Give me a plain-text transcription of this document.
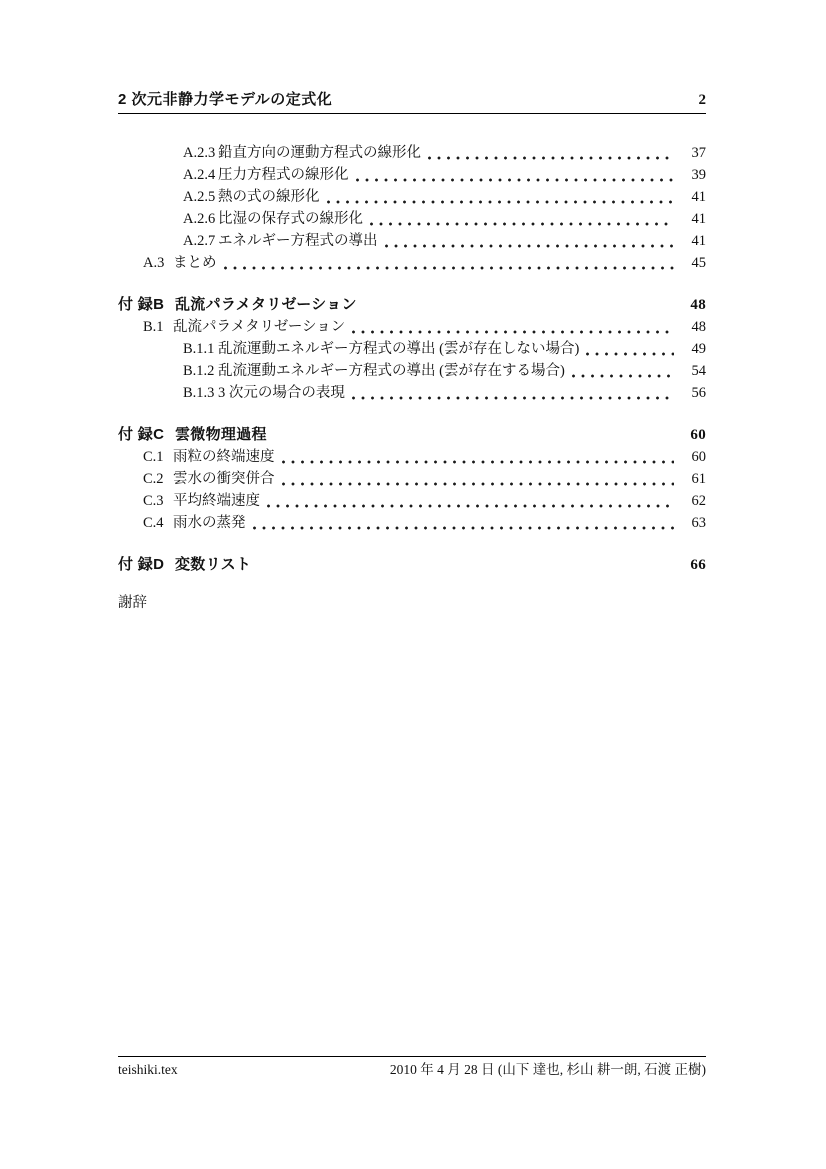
2 次元非静力学モデルの定式化	2
A.2.3 鉛直方向の運動方程式の線形化	37
A.2.4 圧力方程式の線形化	39
A.2.5 熱の式の線形化	41
A.2.6 比湿の保存式の線形化	41
A.2.7 エネルギー方程式の導出	41
A.3 まとめ	45
付 録B 乱流パラメタリゼーション	48
B.1 乱流パラメタリゼーション	48
B.1.1 乱流運動エネルギー方程式の導出 (雲が存在しない場合)	49
B.1.2 乱流運動エネルギー方程式の導出 (雲が存在する場合)	54
B.1.3 3 次元の場合の表現	56
付 録C 雲微物理過程	60
C.1 雨粒の終端速度	60
C.2 雲水の衝突併合	61
C.3 平均終端速度	62
C.4 雨水の蒸発	63
付 録D 変数リスト	66
謝辞
teishiki.tex	2010 年 4 月 28 日 (山下 達也, 杉山 耕一朗, 石渡 正樹)
